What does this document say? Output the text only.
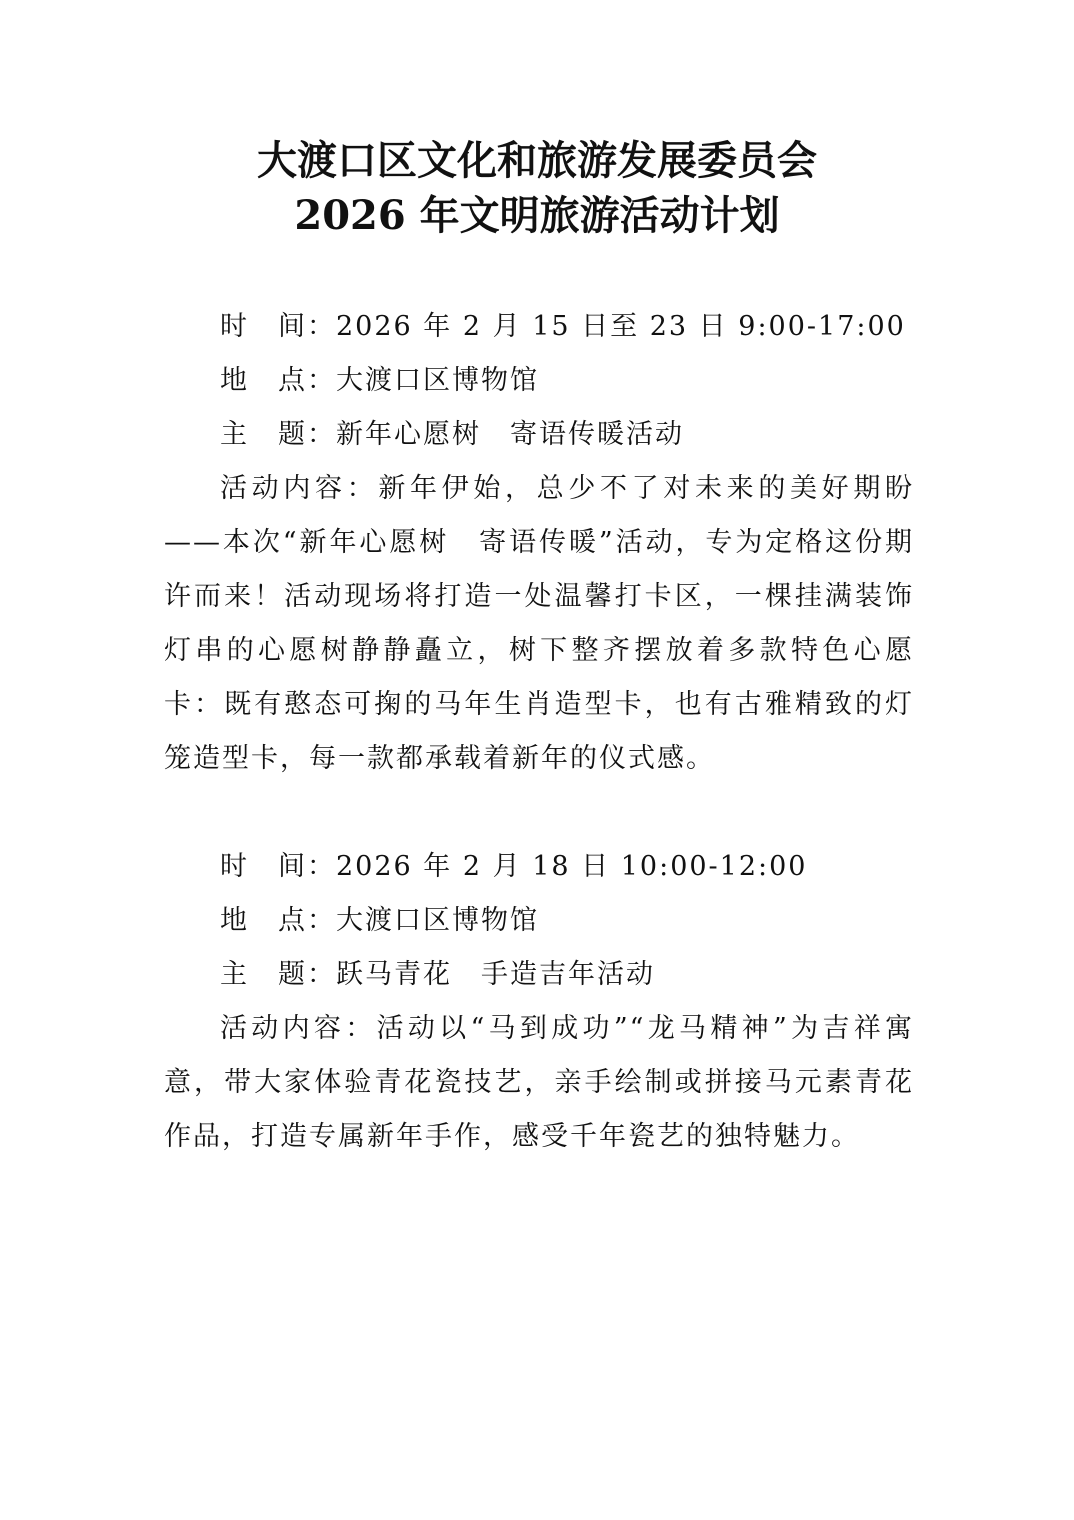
大渡口区文化和旅游发展委员会
2026 年文明旅游活动计划
时　间：2026 年 2 月 15 日至 23 日 9:00-17:00
地　点：大渡口区博物馆
主　题：新年心愿树　寄语传暖活动
活动内容：新年伊始，总少不了对未来的美好期盼——本次“新年心愿树　寄语传暖”活动，专为定格这份期许而来！活动现场将打造一处温馨打卡区，一棵挂满装饰灯串的心愿树静静矗立，树下整齐摆放着多款特色心愿卡：既有憨态可掬的马年生肖造型卡，也有古雅精致的灯笼造型卡，每一款都承载着新年的仪式感。
时　间：2026 年 2 月 18 日 10:00-12:00
地　点：大渡口区博物馆
主　题：跃马青花　手造吉年活动
活动内容：活动以“马到成功”“龙马精神”为吉祥寓意，带大家体验青花瓷技艺，亲手绘制或拼接马元素青花作品，打造专属新年手作，感受千年瓷艺的独特魅力。
